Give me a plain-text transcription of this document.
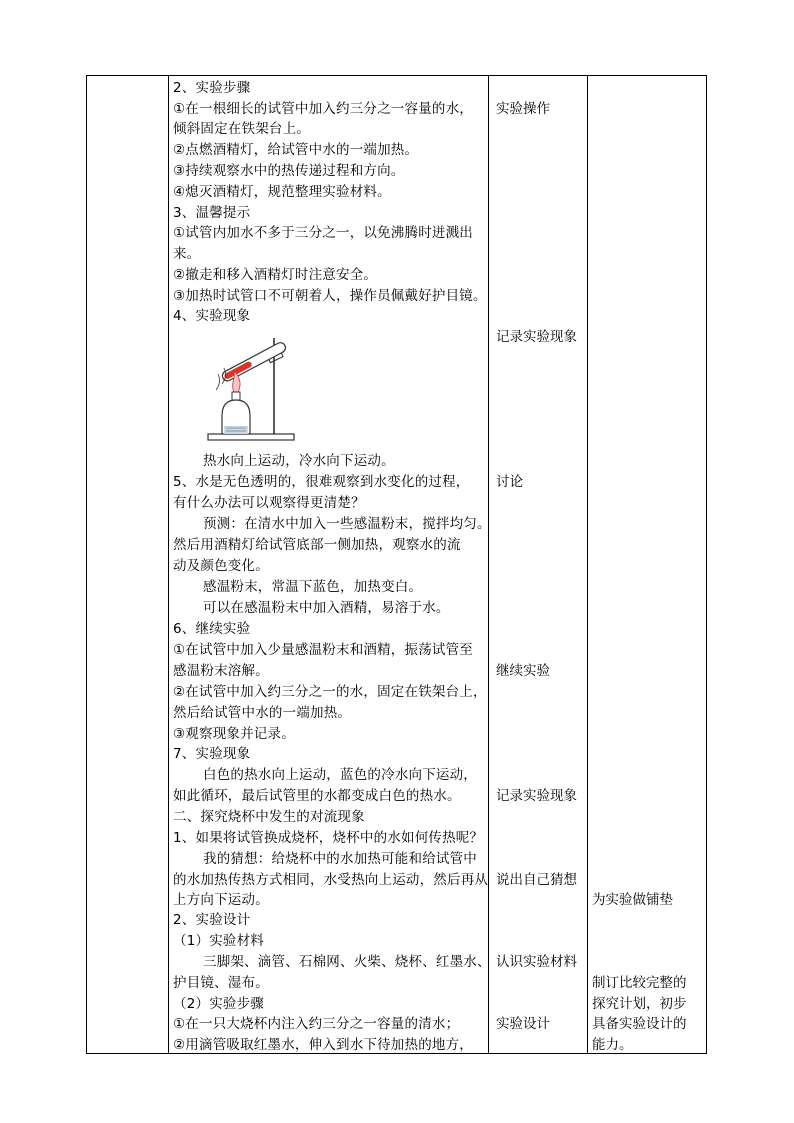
2、实验步骤
①在一根细长的试管中加入约三分之一容量的水，
倾斜固定在铁架台上。
②点燃酒精灯，给试管中水的一端加热。
③持续观察水中的热传递过程和方向。
④熄灭酒精灯，规范整理实验材料。
3、温馨提示
①试管内加水不多于三分之一，以免沸腾时迸溅出
来。
②撤走和移入酒精灯时注意安全。
③加热时试管口不可朝着人，操作员佩戴好护目镜。
4、实验现象
热水向上运动，冷水向下运动。
5、水是无色透明的，很难观察到水变化的过程，
有什么办法可以观察得更清楚？
预测：在清水中加入一些感温粉末，搅拌均匀。
然后用酒精灯给试管底部一侧加热，观察水的流
动及颜色变化。
感温粉末，常温下蓝色，加热变白。
可以在感温粉末中加入酒精，易溶于水。
6、继续实验
①在试管中加入少量感温粉末和酒精，振荡试管至
感温粉末溶解。
②在试管中加入约三分之一的水，固定在铁架台上，
然后给试管中水的一端加热。
③观察现象并记录。
7、实验现象
白色的热水向上运动，蓝色的冷水向下运动，
如此循环，最后试管里的水都变成白色的热水。
二、探究烧杯中发生的对流现象
1、如果将试管换成烧杯，烧杯中的水如何传热呢？
我的猜想：给烧杯中的水加热可能和给试管中
的水加热传热方式相同，水受热向上运动，然后再从
上方向下运动。
2、实验设计
（1）实验材料
三脚架、滴管、石棉网、火柴、烧杯、红墨水、
护目镜、湿布。
（2）实验步骤
①在一只大烧杯内注入约三分之一容量的清水；
②用滴管吸取红墨水，伸入到水下待加热的地方，
实验操作
记录实验现象
讨论
继续实验
记录实验现象
说出自己猜想
认识实验材料
实验设计
为实验做铺垫
制订比较完整的
探究计划，初步
具备实验设计的
能力。
